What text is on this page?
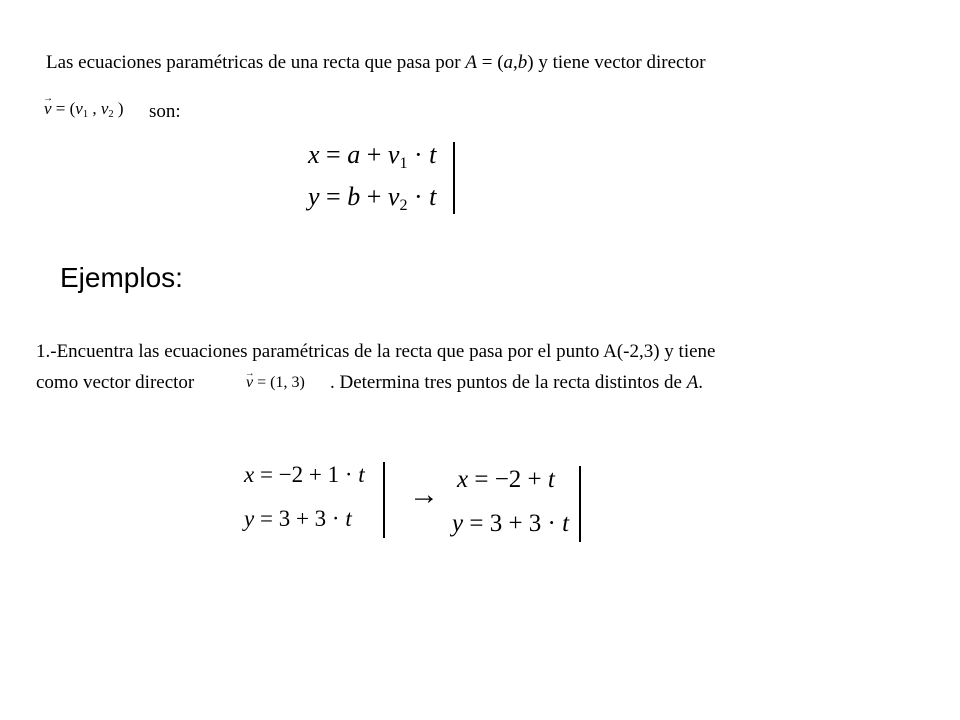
Las ecuaciones paramétricas de una recta que pasa por A = (a,b) y tiene vector director
→ $v = (v_1$ , $v_2$ ) son:
$x = a + v_1 \cdot t$
$y = b + v_2 \cdot t$
Ejemplos:
1.-Encuentra las ecuaciones paramétricas de la recta que pasa por el punto A(-2,3) y tiene
como vector director
→	v = (1, 3) . Determina tres puntos de la recta distintos de A.
x = −2 + 1 · t
y = 3 + 3 · t
→ x = −2 + t
y = 3 + 3 · t
